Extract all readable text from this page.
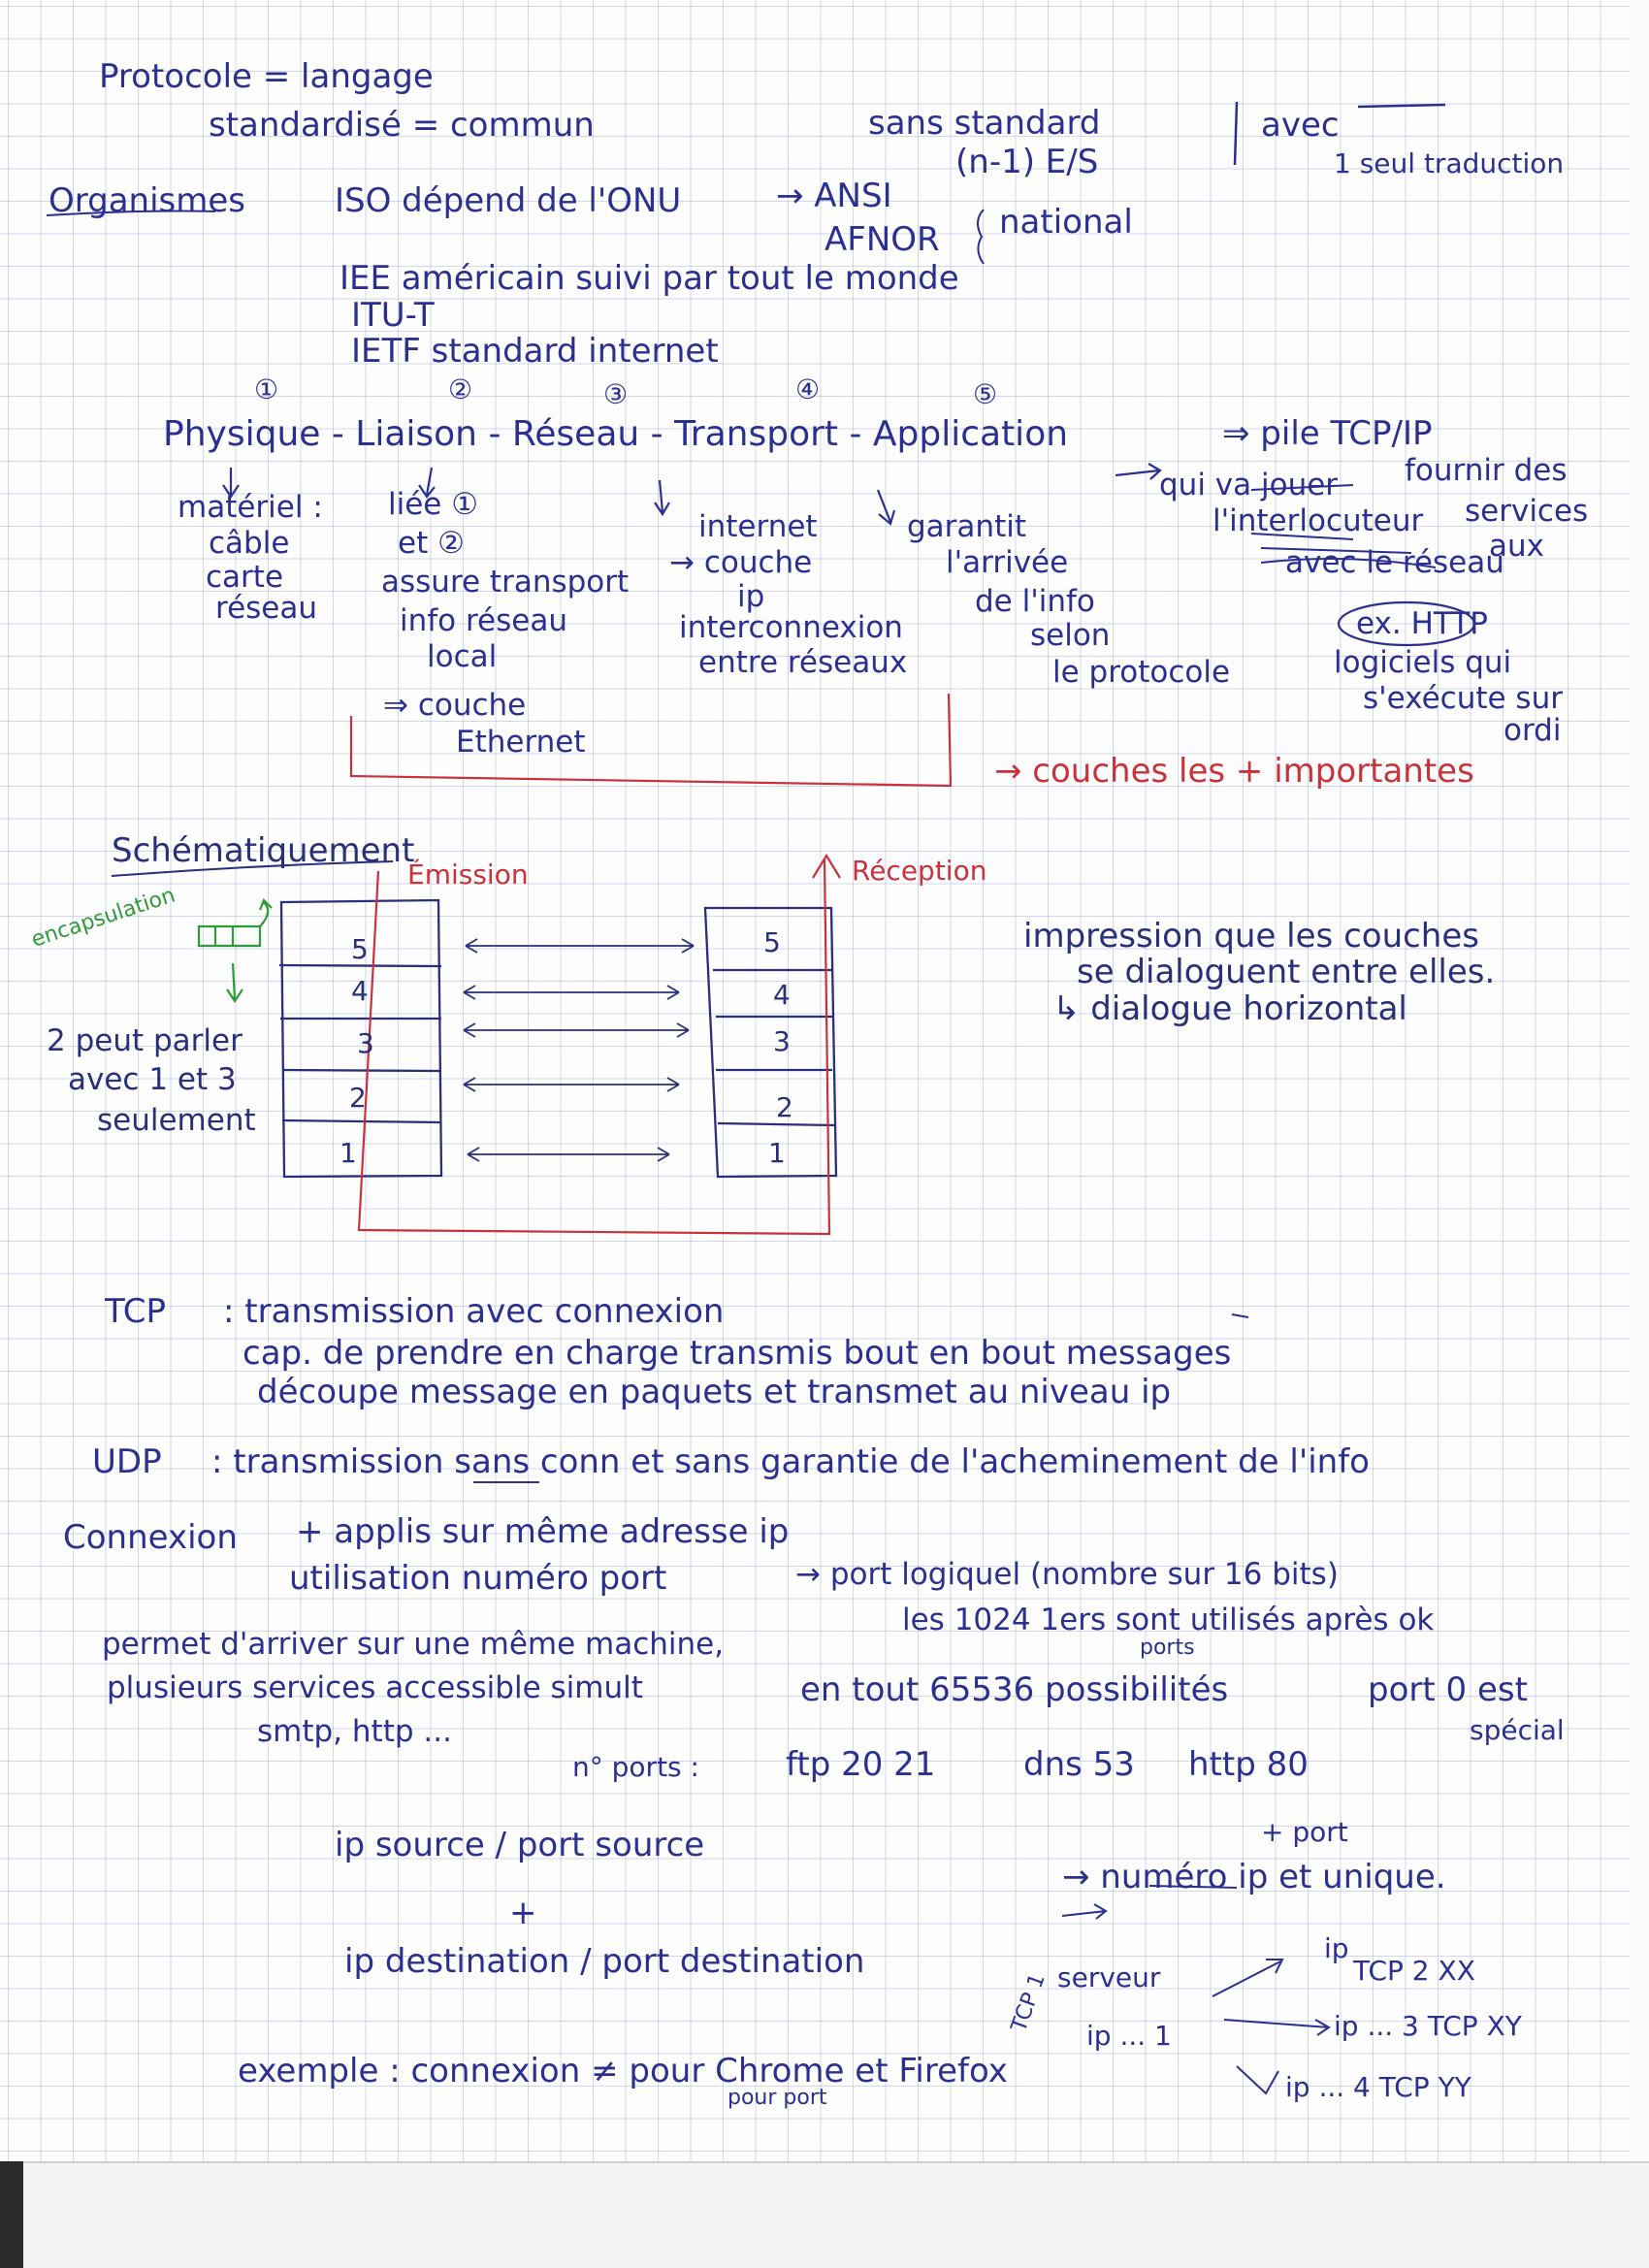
Protocole = langage
standardisé = commun	sans standard
(n-1) E/S
avec
1 seul traduction
Organismes	ISO dépend de l'ONU	→ ANSI
AFNOR national
IEE américain suivi par tout le monde
ITU-T
IETF standard internet
①	②	③	④	⑤
Physique - Liaison - Réseau - Transport - Application	⇒ pile TCP/IP
matériel :
câble
carte
réseau
liée ①
et ②
assure transport
info réseau
local
⇒ couche
Ethernet
internet
→ couche
ip
interconnexion
entre réseaux
garantit
l'arrivée
de l'info
selon
le protocole
fournir des
services
aux
qui va jouer
l'interlocuteur
avec le réseau
ex. HTTP
logiciels qui
s'exécute sur
ordi
→ couches les + importantes
Schématiquement
Émission	Réception
encapsulation	5
4
3
2
1
5
4
3
2
1
2 peut parler
avec 1 et 3
seulement
impression que les couches
se dialoguent entre elles.
↳ dialogue horizontal
TCP : transmission avec connexion
cap. de prendre en charge transmis bout en bout messages
découpe message en paquets et transmet au niveau ip
UDP : transmission sans conn et sans garantie de l'acheminement de l'info
Connexion + applis sur même adresse ip
utilisation numéro port	→ port logiquel (nombre sur 16 bits)
les 1024 1ers sont utilisés après ok
ports
permet d'arriver sur une même machine,
plusieurs services accessible simult
smtp, http ...
en tout 65536 possibilités	port 0 est
spécial
n° ports :	ftp 20 21	dns 53 http 80
ip source / port source
+
ip destination / port destination
→ numéro ip et unique.
+ port
TCP 1 serveur
ip ... 1
ip
TCP 2 XX
ip ... 3 TCP XY
ip ... 4 TCP YY
exemple : connexion ≠ pour Chrome et Firefox
pour port
